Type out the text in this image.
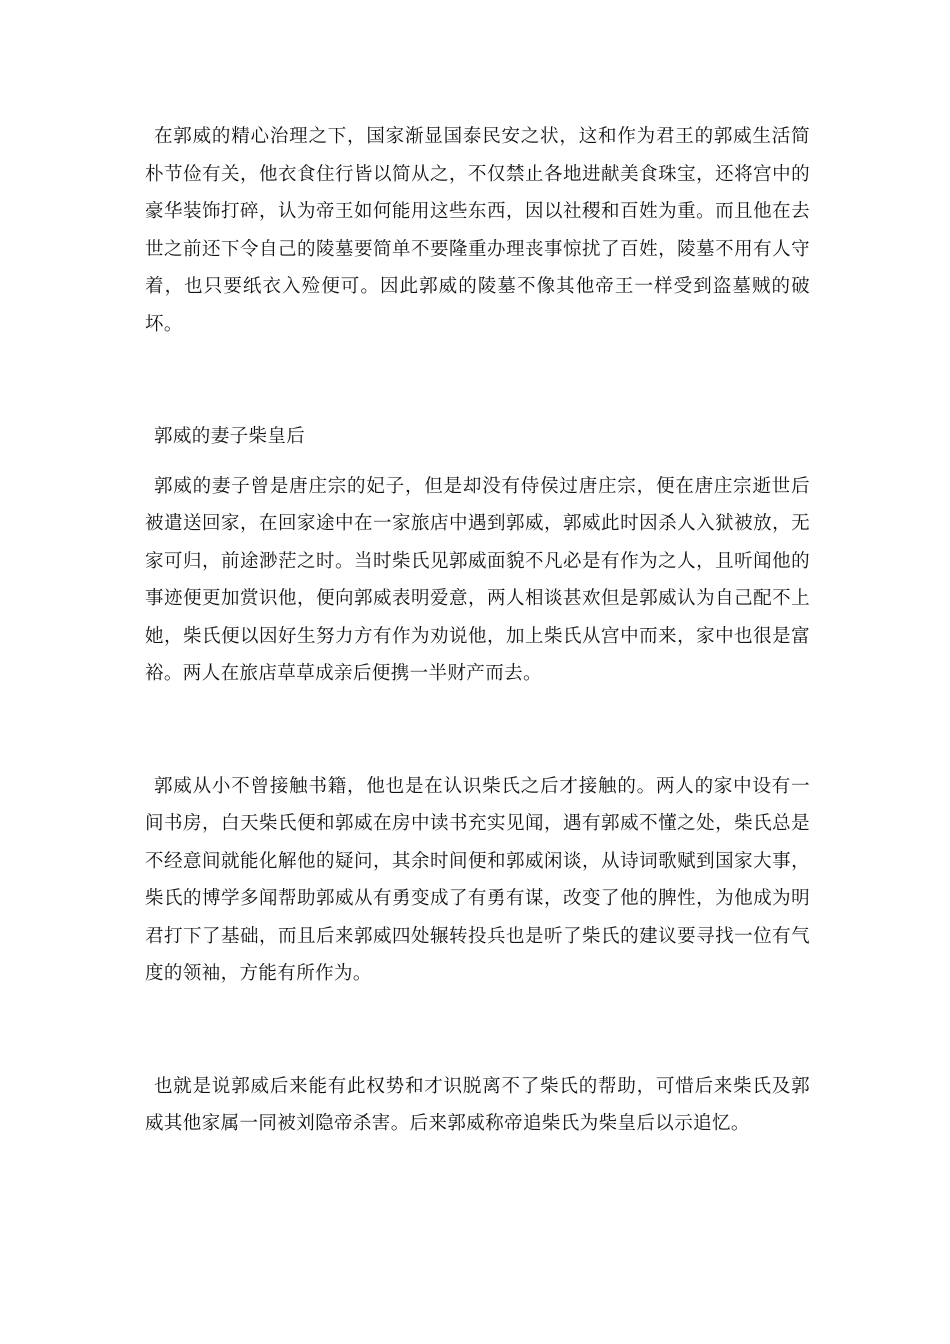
在郭威的精心治理之下，国家渐显国泰民安之状，这和作为君王的郭威生活简朴节俭有关，他衣食住行皆以简从之，不仅禁止各地进献美食珠宝，还将宫中的豪华装饰打碎，认为帝王如何能用这些东西，因以社稷和百姓为重。而且他在去世之前还下令自己的陵墓要简单不要隆重办理丧事惊扰了百姓，陵墓不用有人守着，也只要纸衣入殓便可。因此郭威的陵墓不像其他帝王一样受到盗墓贼的破坏。

郭威的妻子柴皇后

郭威的妻子曾是唐庄宗的妃子，但是却没有侍侯过唐庄宗，便在唐庄宗逝世后被遣送回家，在回家途中在一家旅店中遇到郭威，郭威此时因杀人入狱被放，无家可归，前途渺茫之时。当时柴氏见郭威面貌不凡必是有作为之人，且听闻他的事迹便更加赏识他，便向郭威表明爱意，两人相谈甚欢但是郭威认为自己配不上她，柴氏便以因好生努力方有作为劝说他，加上柴氏从宫中而来，家中也很是富裕。两人在旅店草草成亲后便携一半财产而去。

郭威从小不曾接触书籍，他也是在认识柴氏之后才接触的。两人的家中设有一间书房，白天柴氏便和郭威在房中读书充实见闻，遇有郭威不懂之处，柴氏总是不经意间就能化解他的疑问，其余时间便和郭威闲谈，从诗词歌赋到国家大事，柴氏的博学多闻帮助郭威从有勇变成了有勇有谋，改变了他的脾性，为他成为明君打下了基础，而且后来郭威四处辗转投兵也是听了柴氏的建议要寻找一位有气度的领袖，方能有所作为。

也就是说郭威后来能有此权势和才识脱离不了柴氏的帮助，可惜后来柴氏及郭威其他家属一同被刘隐帝杀害。后来郭威称帝追柴氏为柴皇后以示追忆。
